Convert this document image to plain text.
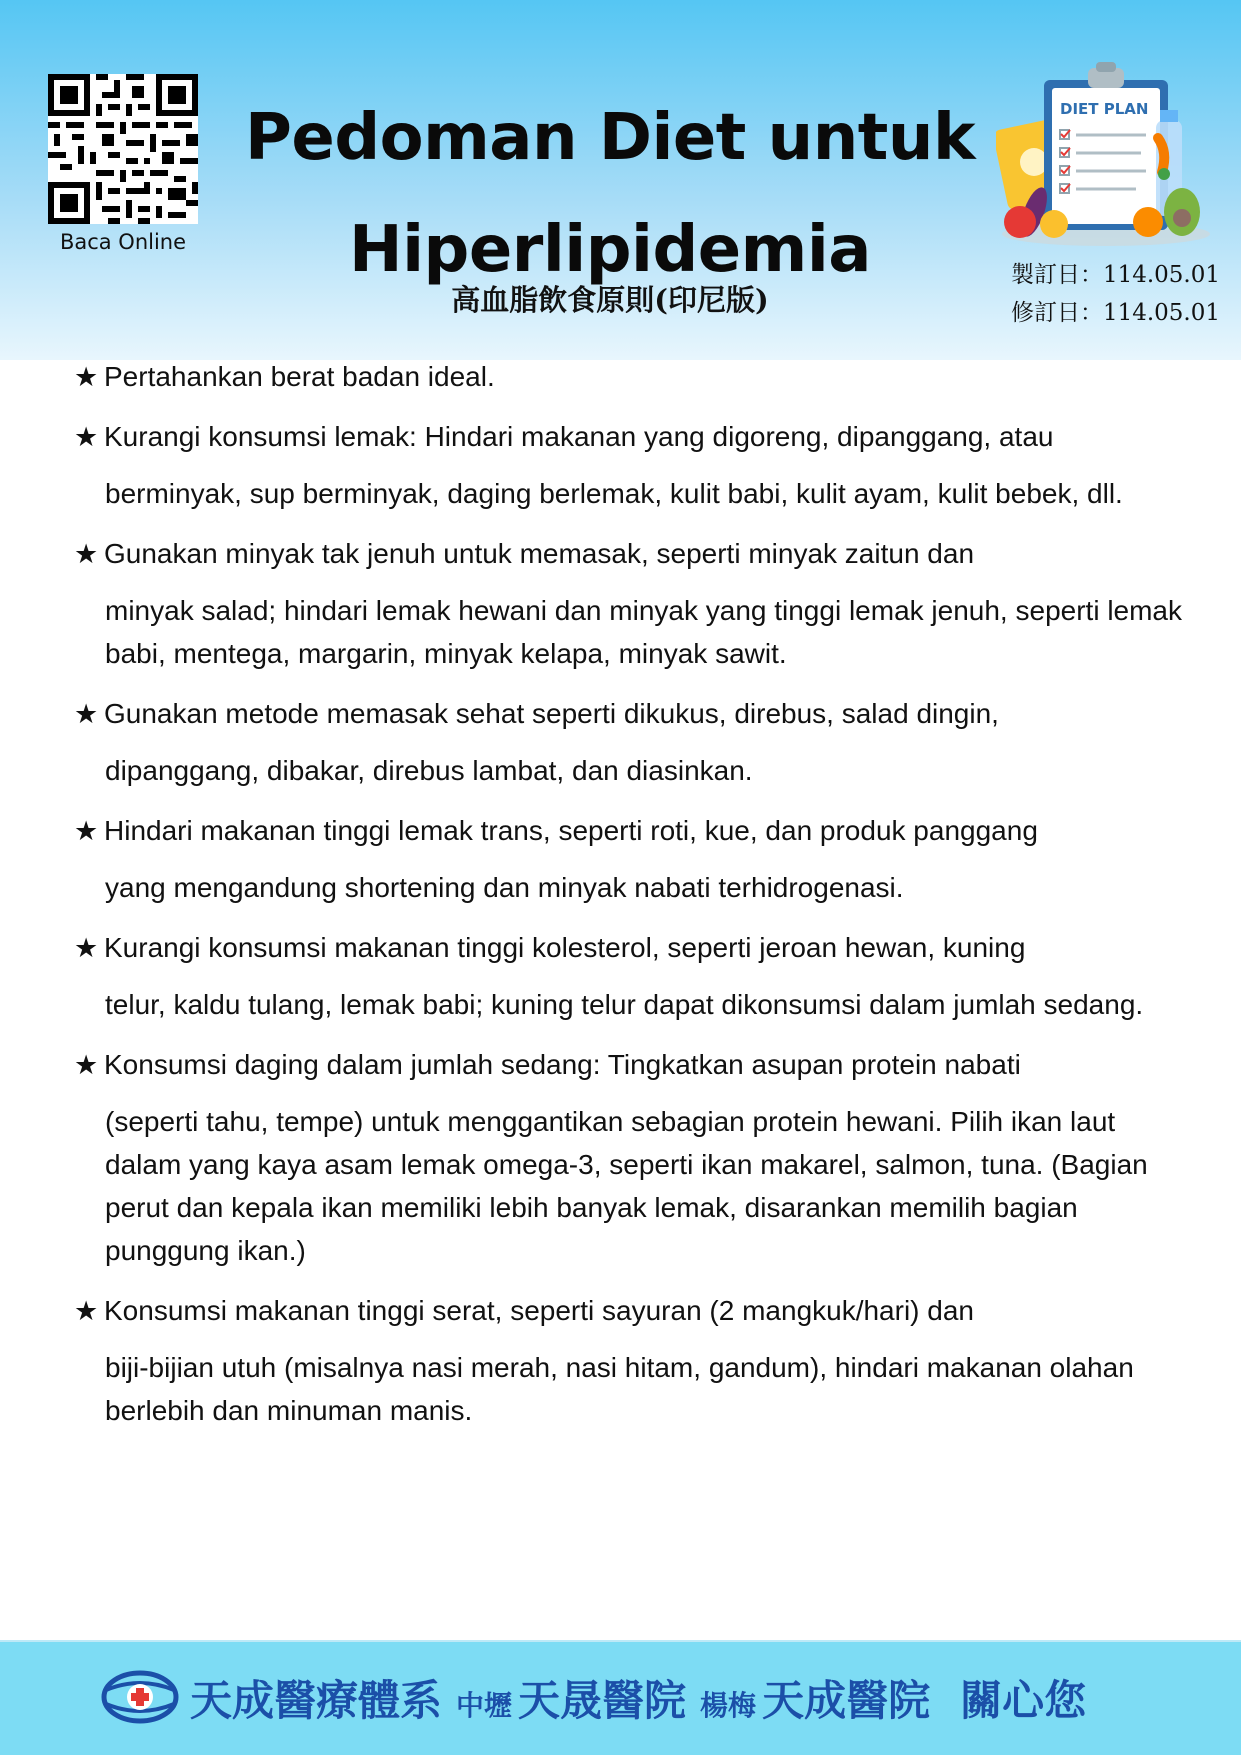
Baca Online
Pedoman Diet untuk
Hiperlipidemia
高血脂飲食原則(印尼版)
DIET PLAN
製訂日：114.05.01
修訂日：114.05.01
★ Pertahankan berat badan ideal.
★ Kurangi konsumsi lemak: Hindari makanan yang digoreng, dipanggang, atau
berminyak, sup berminyak, daging berlemak, kulit babi, kulit ayam, kulit bebek, dll.
★ Gunakan minyak tak jenuh untuk memasak, seperti minyak zaitun dan
minyak salad; hindari lemak hewani dan minyak yang tinggi lemak jenuh, seperti lemak babi, mentega, margarin, minyak kelapa, minyak sawit.
★ Gunakan metode memasak sehat seperti dikukus, direbus, salad dingin,
dipanggang, dibakar, direbus lambat, dan diasinkan.
★ Hindari makanan tinggi lemak trans, seperti roti, kue, dan produk panggang
yang mengandung shortening dan minyak nabati terhidrogenasi.
★ Kurangi konsumsi makanan tinggi kolesterol, seperti jeroan hewan, kuning
telur, kaldu tulang, lemak babi; kuning telur dapat dikonsumsi dalam jumlah sedang.
★ Konsumsi daging dalam jumlah sedang: Tingkatkan asupan protein nabati
(seperti tahu, tempe) untuk menggantikan sebagian protein hewani. Pilih ikan laut dalam yang kaya asam lemak omega-3, seperti ikan makarel, salmon, tuna. (Bagian perut dan kepala ikan memiliki lebih banyak lemak, disarankan memilih bagian punggung ikan.)
★ Konsumsi makanan tinggi serat, seperti sayuran (2 mangkuk/hari) dan
biji-bijian utuh (misalnya nasi merah, nasi hitam, gandum), hindari makanan olahan berlebih dan minuman manis.
天成醫療體系 中壢 天晟醫院 楊梅 天成醫院 關心您
